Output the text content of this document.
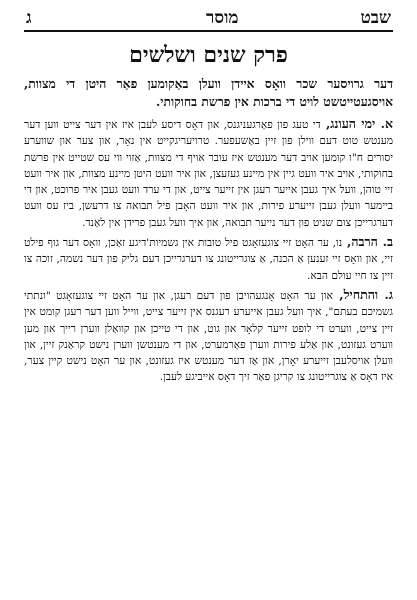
שבט
מוסר
ג
פרק שנים ושלשים
דער גרויסער שכר וואָס איידן וועלן באַקומען פאַר היטן די מצוות, אויסגעטייטשט לויט די ברכות אין פרשת בחוקותי.
א. ימי העונג, די טעג פון פאַרגעניגנס, און דאָס דיסע לעבן איז אין דער צייט ווען דער מענטש טוט דעם ווילן פון זיין באַשעפער. טרויעריגקייט אין נאָר, און צער און שווערע יסורים ח"ו קומען אויב דער מענטש איז עובר אויף די מצוות, אַזוי ווי עס שטייט אין פרשת בחוקותי, אויב איר וועט גיין אין מיינע געזעצן, און איר וועט היטן מיינע מצוות, און איר וועט זיי טוהן, וועל איך געבן אייער רעגן אין זייער צייט, און די ערד וועט געבן איר פרוכט, און די ביימער וועלן געבן זייערע פירות, און איר וועט האָבן פיל תבואה צו דרעשן, ביז עס וועט דערגרייכן צום שניט פון דער נייער תבואה, און איך וועל געבן פרידן אין לאַנד.
ב. הרבה, נו, ער האָט זיי צוגעזאָגט פיל טובות אין גשמיות'דיגע זאַכן, וואָס דער גוף פילט זיי, און וואָס זיי זענען אַ הכנה, אַ צוגרייטונג צו דערגרייכן דעם גליק פון דער נשמה, זוכה צו זיין צו חיי עולם הבא.
ג. והתחיל, און ער האָט אָנגעהויבן פון דעם רעגן, און ער האָט זיי צוגעזאָגט "ונתתי גשמיכם בעתם", איך וועל געבן אייערע רעגנס אין זייער צייט, ווייל ווען דער רעגן קומט אין זיין צייט, ווערט די לופט זייער קלאָר און גוט, און די טייכן און קוואַלן ווערן רייך און מען ווערט געזונט, און אַלע פירות ווערן פאַרמערט, און די מענטשן ווערן נישט קראַנק זיין, און וועלן אויסלעבן זייערע יאָרן, און אַז דער מענטש איז געזונט, און ער האָט נישט קיין צער, איז דאָס אַ צוגרייטונג צו קריגן פאַר זיך דאָס אייביגע לעבן.
